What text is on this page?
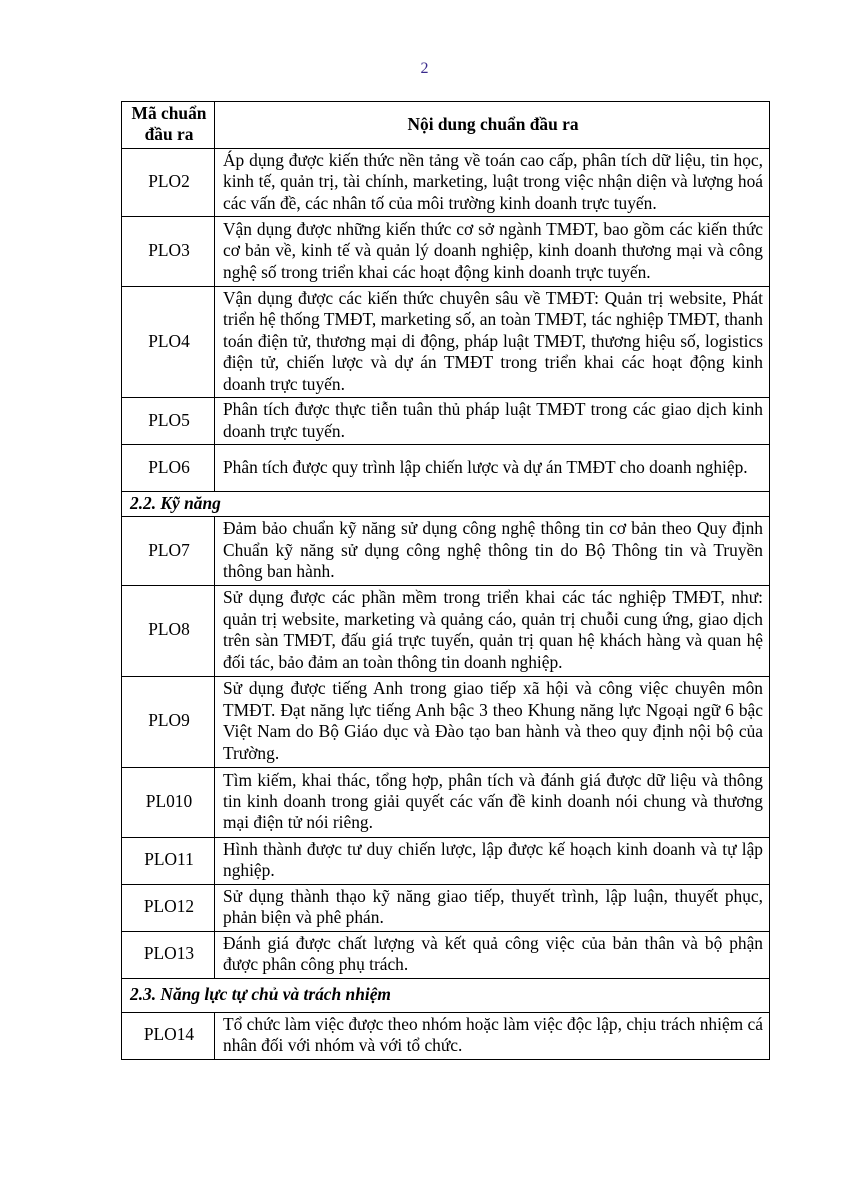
2
Mã chuẩn đầu ra	Nội dung chuẩn đầu ra
PLO2	Áp dụng được kiến thức nền tảng về toán cao cấp, phân tích dữ liệu, tin học, kinh tế, quản trị, tài chính, marketing, luật trong việc nhận diện và lượng hoá các vấn đề, các nhân tố của môi trường kinh doanh trực tuyến.
PLO3	Vận dụng được những kiến thức cơ sở ngành TMĐT, bao gồm các kiến thức cơ bản về, kinh tế và quản lý doanh nghiệp, kinh doanh thương mại và công nghệ số trong triển khai các hoạt động kinh doanh trực tuyến.
PLO4	Vận dụng được các kiến thức chuyên sâu về TMĐT: Quản trị website, Phát triển hệ thống TMĐT, marketing số, an toàn TMĐT, tác nghiệp TMĐT, thanh toán điện tử, thương mại di động, pháp luật TMĐT, thương hiệu số, logistics điện tử, chiến lược và dự án TMĐT trong triển khai các hoạt động kinh doanh trực tuyến.
PLO5	Phân tích được thực tiễn tuân thủ pháp luật TMĐT trong các giao dịch kinh doanh trực tuyến.
PLO6	Phân tích được quy trình lập chiến lược và dự án TMĐT cho doanh nghiệp.
2.2. Kỹ năng	
PLO7	Đảm bảo chuẩn kỹ năng sử dụng công nghệ thông tin cơ bản theo Quy định Chuẩn kỹ năng sử dụng công nghệ thông tin do Bộ Thông tin và Truyền thông ban hành.
PLO8	Sử dụng được các phần mềm trong triển khai các tác nghiệp TMĐT, như: quản trị website, marketing và quảng cáo, quản trị chuỗi cung ứng, giao dịch trên sàn TMĐT, đấu giá trực tuyến, quản trị quan hệ khách hàng và quan hệ đối tác, bảo đảm an toàn thông tin doanh nghiệp.
PLO9	Sử dụng được tiếng Anh trong giao tiếp xã hội và công việc chuyên môn TMĐT. Đạt năng lực tiếng Anh bậc 3 theo Khung năng lực Ngoại ngữ 6 bậc Việt Nam do Bộ Giáo dục và Đào tạo ban hành và theo quy định nội bộ của Trường.
PL010	Tìm kiếm, khai thác, tổng hợp, phân tích và đánh giá được dữ liệu và thông tin kinh doanh trong giải quyết các vấn đề kinh doanh nói chung và thương mại điện tử nói riêng.
PLO11	Hình thành được tư duy chiến lược, lập được kế hoạch kinh doanh và tự lập nghiệp.
PLO12	Sử dụng thành thạo kỹ năng giao tiếp, thuyết trình, lập luận, thuyết phục, phản biện và phê phán.
PLO13	Đánh giá được chất lượng và kết quả công việc của bản thân và bộ phận được phân công phụ trách.
2.3. Năng lực tự chủ và trách nhiệm	
PLO14	Tổ chức làm việc được theo nhóm hoặc làm việc độc lập, chịu trách nhiệm cá nhân đối với nhóm và với tổ chức.
